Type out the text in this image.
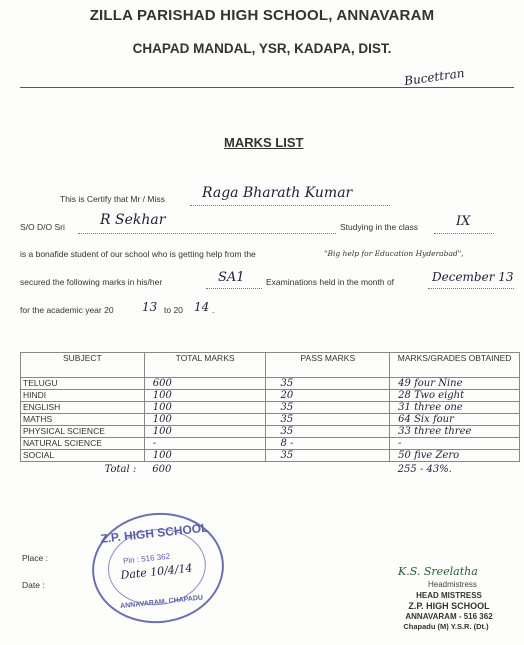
ZILLA PARISHAD HIGH SCHOOL, ANNAVARAM
CHAPAD MANDAL, YSR, KADAPA, DIST.
Bucettran
MARKS LIST
This is Certify that Mr / Miss	Raga Bharath Kumar
S/O D/O Sri	R Sekhar	Studying in the class	IX
is a bonafide student of our school who is getting help from the	"Big help for Education Hyderabad",
secured the following marks in his/her	SA1	Examinations held in the month of	December 13
for the academic year 20 13 to 20 14 .
SUBJECT	TOTAL MARKS	PASS MARKS	MARKS/GRADES OBTAINED
TELUGU	600	35	49 four Nine
HINDI	100	20	28 Two eight
ENGLISH	100	35	31 three one
MATHS	100	35	64 Six four
PHYSICAL SCIENCE	100	35	33 three three
NATURAL SCIENCE	-	8 -	-
SOCIAL	100	35	50 five Zero
Total :	600		255 - 43%.
Place :
Date :
Z.P. HIGH SCHOOL
Pin : 516 362
Date 10/4/14
ANNAVARAM, CHAPADU
K.S. Sreelatha
Headmistress
HEAD MISTRESS
Z.P. HIGH SCHOOL
ANNAVARAM - 516 362
Chapadu (M) Y.S.R. (Dt.)
